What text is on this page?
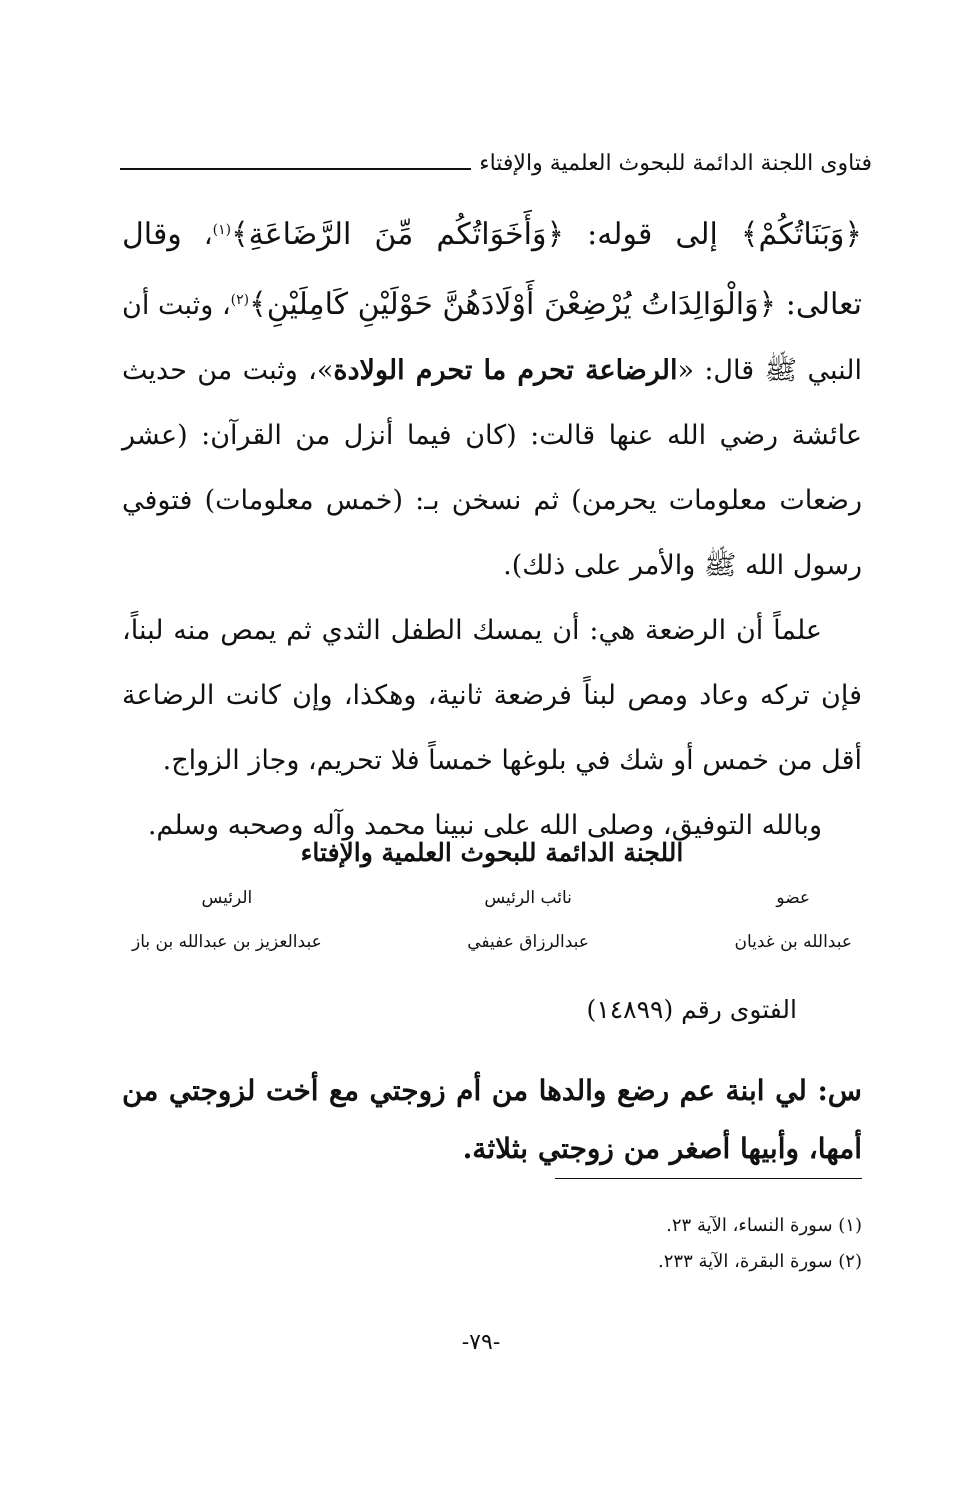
فتاوى اللجنة الدائمة للبحوث العلمية والإفتاء

﴿وَبَنَاتُكُمْ﴾ إلى قوله: ﴿وَأَخَوَاتُكُم مِّنَ الرَّضَاعَةِ﴾$^{(١)}$، وقال تعالى: ﴿وَالْوَالِدَاتُ يُرْضِعْنَ أَوْلَادَهُنَّ حَوْلَيْنِ كَامِلَيْنِ﴾$^{(٢)}$، وثبت أن النبي ﷺ قال: «الرضاعة تحرم ما تحرم الولادة»، وثبت من حديث عائشة رضي الله عنها قالت: (كان فيما أنزل من القرآن: (عشر رضعات معلومات يحرمن) ثم نسخن بـ: (خمس معلومات) فتوفي رسول الله ﷺ والأمر على ذلك).

علماً أن الرضعة هي: أن يمسك الطفل الثدي ثم يمص منه لبناً، فإن تركه وعاد ومص لبناً فرضعة ثانية، وهكذا، وإن كانت الرضاعة أقل من خمس أو شك في بلوغها خمساً فلا تحريم، وجاز الزواج.

وبالله التوفيق، وصلى الله على نبينا محمد وآله وصحبه وسلم.

اللجنة الدائمة للبحوث العلمية والإفتاء
عضو
عبدالله بن غديان
نائب الرئيس
عبدالرزاق عفيفي
الرئيس
عبدالعزيز بن عبدالله بن باز
الفتوى رقم (١٤٨٩٩)

س: لي ابنة عم رضع والدها من أم زوجتي مع أخت لزوجتي من أمها، وأبيها أصغر من زوجتي بثلاثة.

(١) سورة النساء، الآية ٢٣.
(٢) سورة البقرة، الآية ٢٣٣.
-٧٩-
